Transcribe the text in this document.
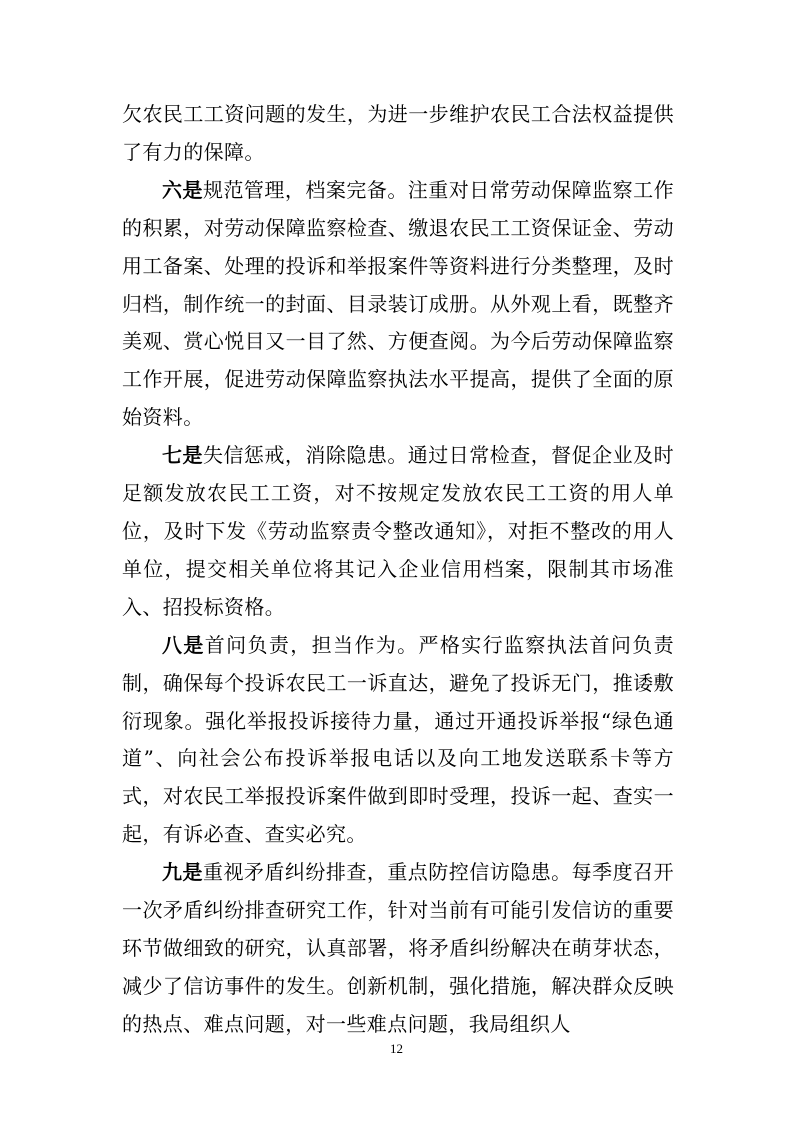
欠农民工工资问题的发生，为进一步维护农民工合法权益提供了有力的保障。

六是规范管理，档案完备。注重对日常劳动保障监察工作的积累，对劳动保障监察检查、缴退农民工工资保证金、劳动用工备案、处理的投诉和举报案件等资料进行分类整理，及时归档，制作统一的封面、目录装订成册。从外观上看，既整齐美观、赏心悦目又一目了然、方便查阅。为今后劳动保障监察工作开展，促进劳动保障监察执法水平提高，提供了全面的原始资料。

七是失信惩戒，消除隐患。通过日常检查，督促企业及时足额发放农民工工资，对不按规定发放农民工工资的用人单位，及时下发《劳动监察责令整改通知》，对拒不整改的用人单位，提交相关单位将其记入企业信用档案，限制其市场准入、招投标资格。

八是首问负责，担当作为。严格实行监察执法首问负责制，确保每个投诉农民工一诉直达，避免了投诉无门，推诿敷衍现象。强化举报投诉接待力量，通过开通投诉举报“绿色通道”、向社会公布投诉举报电话以及向工地发送联系卡等方式，对农民工举报投诉案件做到即时受理，投诉一起、查实一起，有诉必查、查实必究。

九是重视矛盾纠纷排查，重点防控信访隐患。每季度召开一次矛盾纠纷排查研究工作，针对当前有可能引发信访的重要环节做细致的研究，认真部署，将矛盾纠纷解决在萌芽状态，减少了信访事件的发生。创新机制，强化措施，解决群众反映的热点、难点问题，对一些难点问题，我局组织人

12
